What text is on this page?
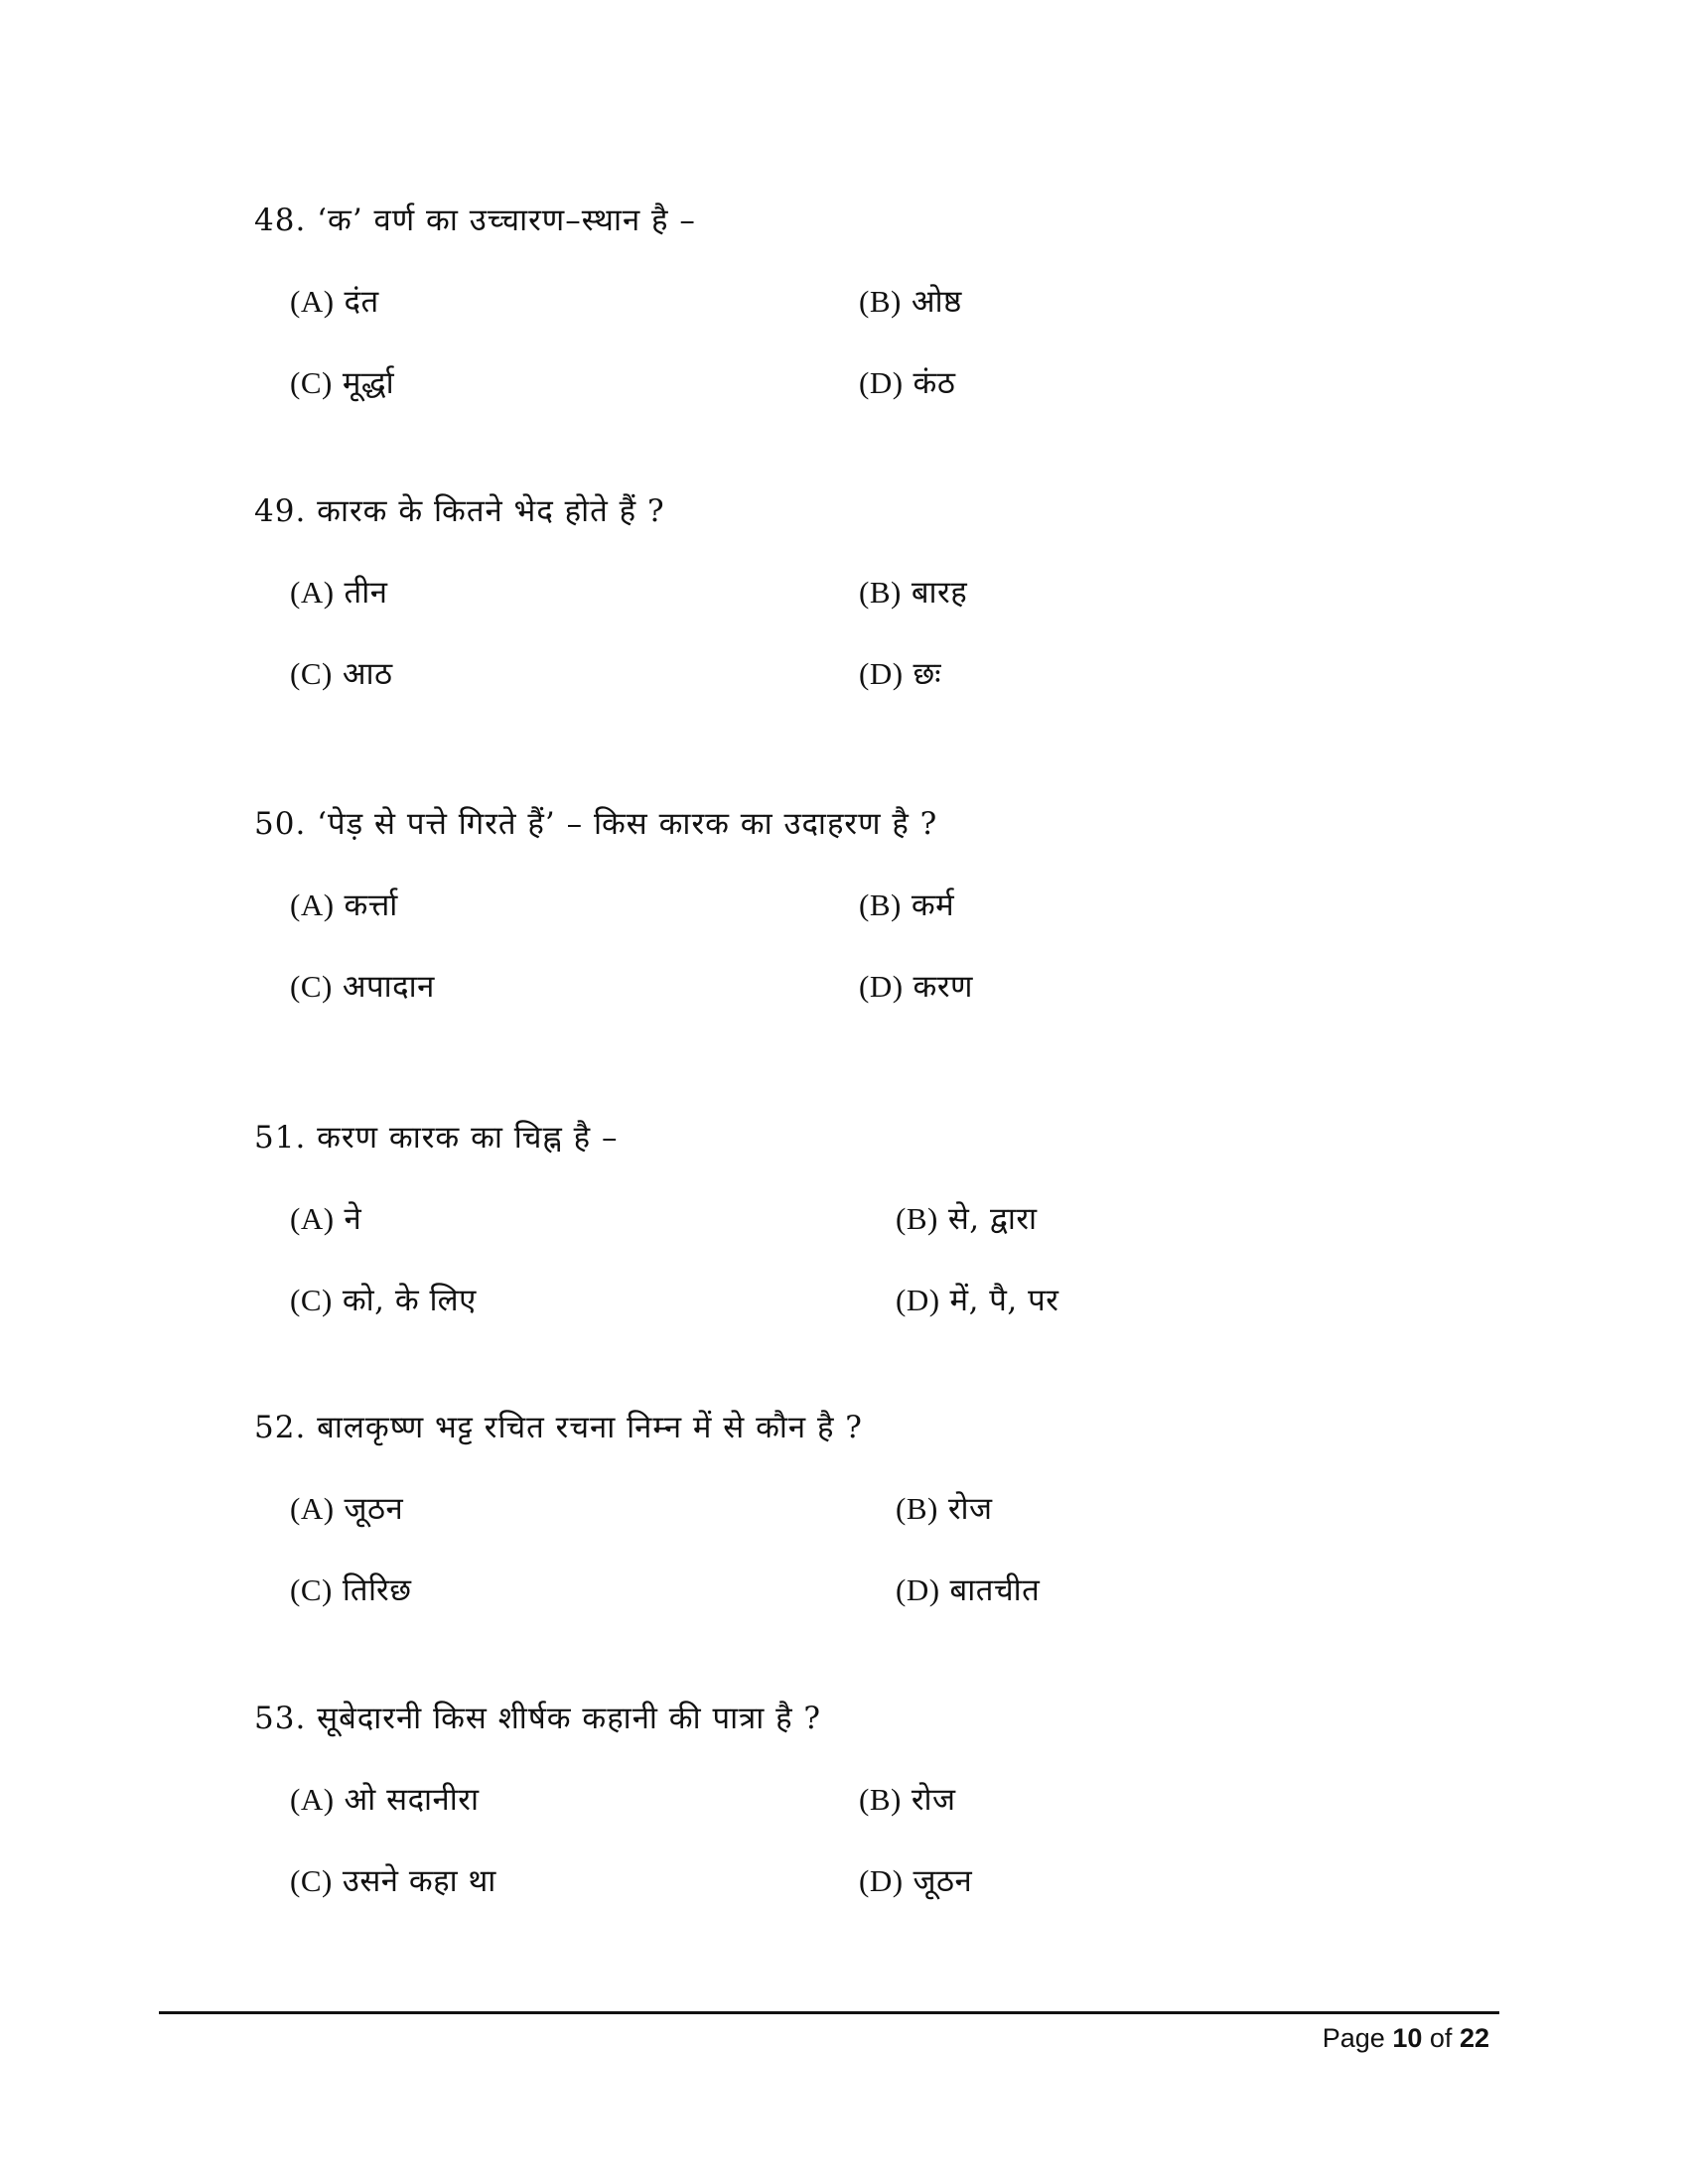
48. ‘क’ वर्ण का उच्चारण–स्थान है –
(A) दंत	(B) ओष्ठ
(C) मूर्द्धा	(D) कंठ
49. कारक के कितने भेद होते हैं ?
(A) तीन	(B) बारह
(C) आठ	(D) छः
50. ‘पेड़ से पत्ते गिरते हैं’ – किस कारक का उदाहरण है ?
(A) कर्त्ता	(B) कर्म
(C) अपादान	(D) करण
51. करण कारक का चिह्न है –
(A) ने	(B) से, द्वारा
(C) को, के लिए	(D) में, पै, पर
52. बालकृष्ण भट्ट रचित रचना निम्न में से कौन है ?
(A) जूठन	(B) रोज
(C) तिरिछ	(D) बातचीत
53. सूबेदारनी किस शीर्षक कहानी की पात्रा है ?
(A) ओ सदानीरा	(B) रोज
(C) उसने कहा था	(D) जूठन
Page 10 of 22
